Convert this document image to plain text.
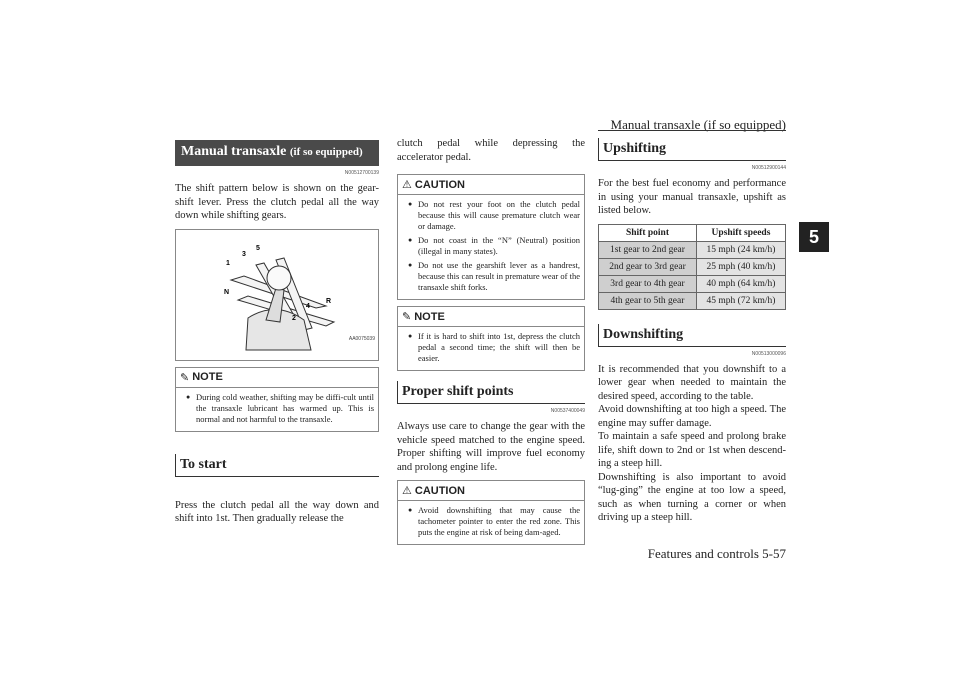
Manual transaxle (if so equipped)
5
Manual transaxle (if so equipped)
N00512700139

The shift pattern below is shown on the gear-shift lever. Press the clutch pedal all the way down while shifting gears.

1
3
5
N
R
2
4
AA0075039
✎ NOTE
● During cold weather, shifting may be diffi-cult until the transaxle lubricant has warmed up. This is normal and not harmful to the transaxle.
To start

Press the clutch pedal all the way down and shift into 1st. Then gradually release the

clutch pedal while depressing the accelerator pedal.

⚠ CAUTION
● Do not rest your foot on the clutch pedal because this will cause premature clutch wear or damage.
● Do not coast in the “N” (Neutral) position (illegal in many states).
● Do not use the gearshift lever as a handrest, because this can result in premature wear of the transaxle shift forks.
✎ NOTE
● If it is hard to shift into 1st, depress the clutch pedal a second time; the shift will then be easier.
Proper shift points
N00537400049

Always use care to change the gear with the vehicle speed matched to the engine speed. Proper shifting will improve fuel economy and prolong engine life.

⚠ CAUTION
● Avoid downshifting that may cause the tachometer pointer to enter the red zone. This puts the engine at risk of being dam-aged.
Upshifting
N00512900144

For the best fuel economy and performance in using your manual transaxle, upshift as listed below.

Shift point	Upshift speeds
1st gear to 2nd gear	15 mph (24 km/h)
2nd gear to 3rd gear	25 mph (40 km/h)
3rd gear to 4th gear	40 mph (64 km/h)
4th gear to 5th gear	45 mph (72 km/h)
Downshifting
N00513000096

It is recommended that you downshift to a lower gear when needed to maintain the desired speed, according to the table.

Avoid downshifting at too high a speed. The engine may suffer damage.

To maintain a safe speed and prolong brake life, shift down to 2nd or 1st when descend-ing a steep hill.

Downshifting is also important to avoid “lug-ging” the engine at too low a speed, such as when turning a corner or when driving up a steep hill.

Features and controls 5-57
